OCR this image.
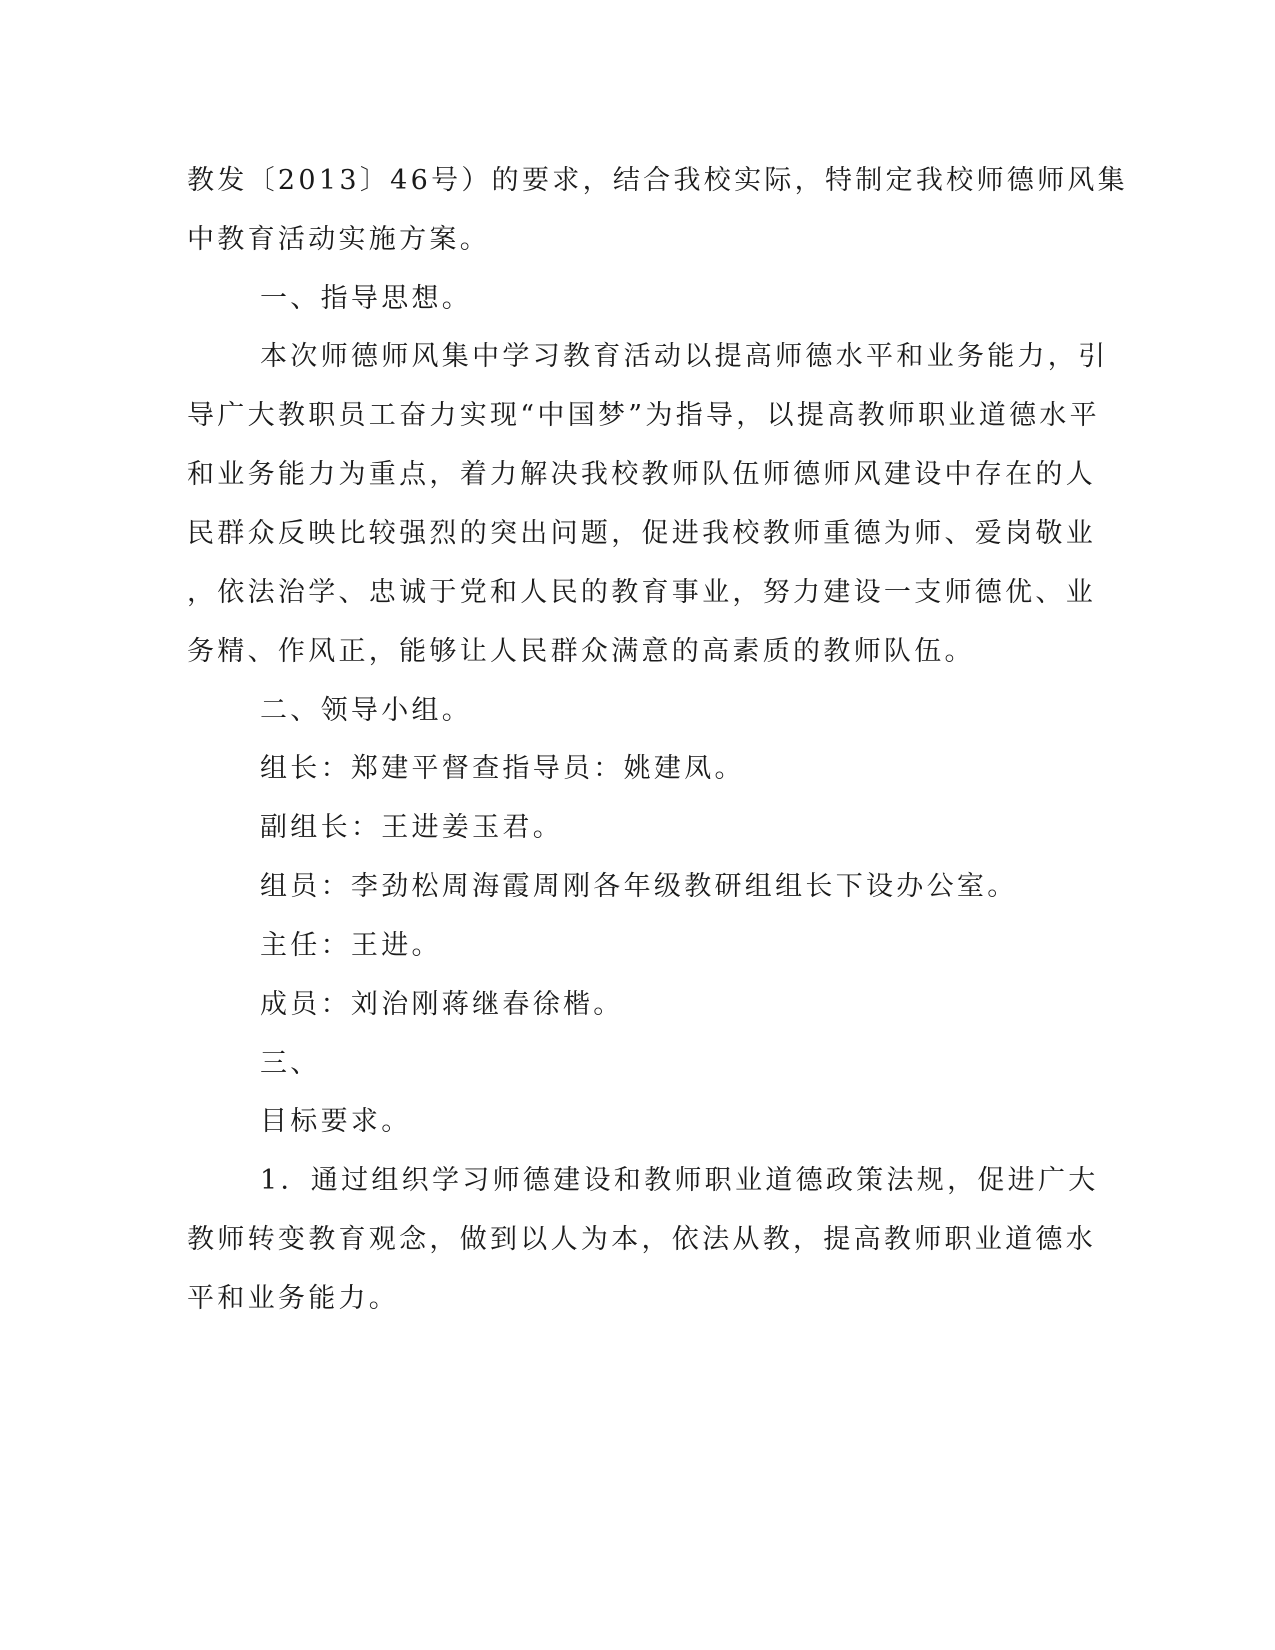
教发〔2013〕46号）的要求，结合我校实际，特制定我校师德师风集
中教育活动实施方案。
一、指导思想。
本次师德师风集中学习教育活动以提高师德水平和业务能力，引
导广大教职员工奋力实现“中国梦”为指导，以提高教师职业道德水平
和业务能力为重点，着力解决我校教师队伍师德师风建设中存在的人
民群众反映比较强烈的突出问题，促进我校教师重德为师、爱岗敬业
，依法治学、忠诚于党和人民的教育事业，努力建设一支师德优、业
务精、作风正，能够让人民群众满意的高素质的教师队伍。
二、领导小组。
组长：郑建平督查指导员：姚建凤。
副组长：王进姜玉君。
组员：李劲松周海霞周刚各年级教研组组长下设办公室。
主任：王进。
成员：刘治刚蒋继春徐楷。
三、
目标要求。
1．通过组织学习师德建设和教师职业道德政策法规，促进广大
教师转变教育观念，做到以人为本，依法从教，提高教师职业道德水
平和业务能力。
